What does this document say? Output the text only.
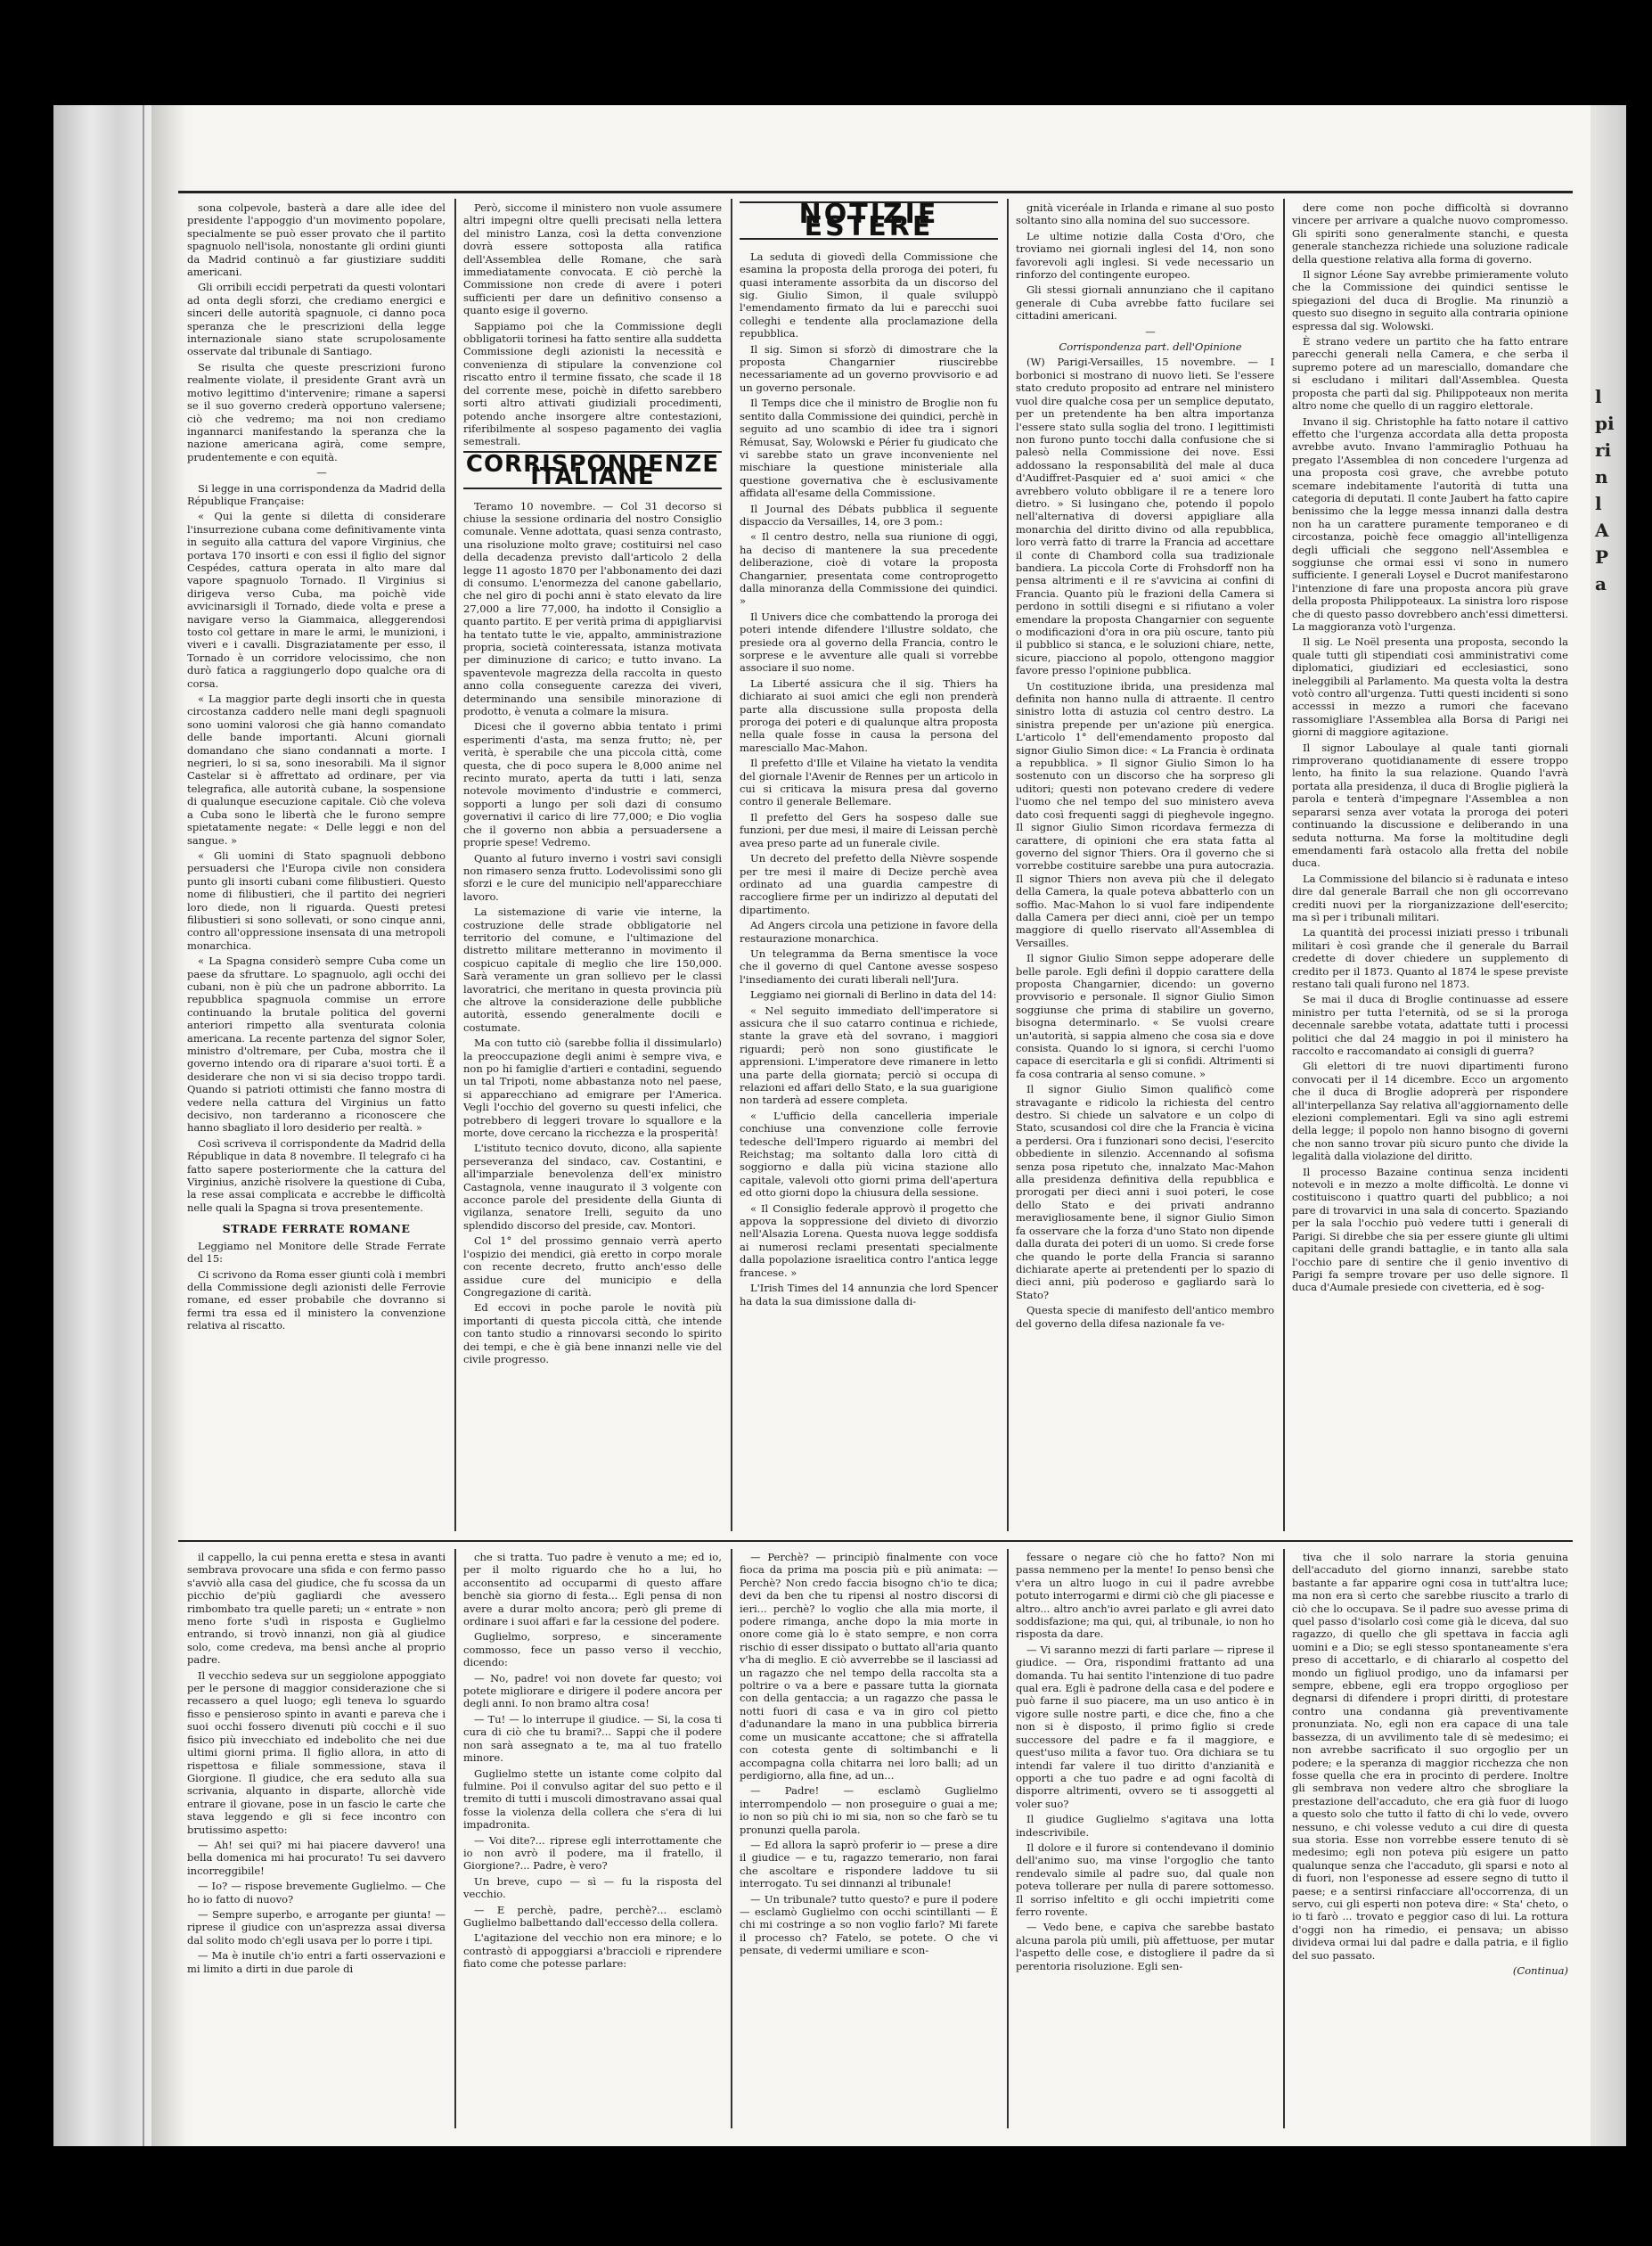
l
pi
ri
n
l
A
P
a

sona colpevole, basterà a dare alle idee del presidente l'appoggio d'un movimento popolare, specialmente se può esser provato che il partito spagnuolo nell'isola, nonostante gli ordini giunti da Madrid continuò a far giustiziare sudditi americani.

Gli orribili eccidi perpetrati da questi volontari ad onta degli sforzi, che crediamo energici e sinceri delle autorità spagnuole, ci danno poca speranza che le prescrizioni della legge internazionale siano state scrupolosamente osservate dal tribunale di Santiago.

Se risulta che queste prescrizioni furono realmente violate, il presidente Grant avrà un motivo legittimo d'intervenire; rimane a sapersi se il suo governo crederà opportuno valersene; ciò che vedremo; ma noi non crediamo ingannarci manifestando la speranza che la nazione americana agirà, come sempre, prudentemente e con equità.

—

Si legge in una corrispondenza da Madrid della République Française:

« Qui la gente si diletta di considerare l'insurrezione cubana come definitivamente vinta in seguito alla cattura del vapore Virginius, che portava 170 insorti e con essi il figlio del signor Cespédes, cattura operata in alto mare dal vapore spagnuolo Tornado. Il Virginius si dirigeva verso Cuba, ma poichè vide avvicinarsigli il Tornado, diede volta e prese a navigare verso la Giammaica, alleggerendosi tosto col gettare in mare le armi, le munizioni, i viveri e i cavalli. Disgraziatamente per esso, il Tornado è un corridore velocissimo, che non durò fatica a raggiungerlo dopo qualche ora di corsa.

« La maggior parte degli insorti che in questa circostanza caddero nelle mani degli spagnuoli sono uomini valorosi che già hanno comandato delle bande importanti. Alcuni giornali domandano che siano condannati a morte. I negrieri, lo si sa, sono inesorabili. Ma il signor Castelar si è affrettato ad ordinare, per via telegrafica, alle autorità cubane, la sospensione di qualunque esecuzione capitale. Ciò che voleva a Cuba sono le libertà che le furono sempre spietatamente negate: « Delle leggi e non del sangue. »

« Gli uomini di Stato spagnuoli debbono persuadersi che l'Europa civile non considera punto gli insorti cubani come filibustieri. Questo nome di filibustieri, che il partito dei negrieri loro diede, non li riguarda. Questi pretesi filibustieri si sono sollevati, or sono cinque anni, contro all'oppressione insensata di una metropoli monarchica.

« La Spagna considerò sempre Cuba come un paese da sfruttare. Lo spagnuolo, agli occhi dei cubani, non è più che un padrone abborrito. La repubblica spagnuola commise un errore continuando la brutale politica del governi anteriori rimpetto alla sventurata colonia americana. La recente partenza del signor Soler, ministro d'oltremare, per Cuba, mostra che il governo intendo ora di riparare a'suoi torti. È a desiderare che non vi si sia deciso troppo tardi. Quando si patrioti ottimisti che fanno mostra di vedere nella cattura del Virginius un fatto decisivo, non tarderanno a riconoscere che hanno sbagliato il loro desiderio per realtà. »

Così scriveva il corrispondente da Madrid della République in data 8 novembre. Il telegrafo ci ha fatto sapere posteriormente che la cattura del Virginius, anzichè risolvere la questione di Cuba, la rese assai complicata e accrebbe le difficoltà nelle quali la Spagna si trova presentemente.

STRADE FERRATE ROMANE

Leggiamo nel Monitore delle Strade Ferrate del 15:

Ci scrivono da Roma esser giunti colà i membri della Commissione degli azionisti delle Ferrovie romane, ed esser probabile che dovranno si fermi tra essa ed il ministero la convenzione relativa al riscatto.

Però, siccome il ministero non vuole assumere altri impegni oltre quelli precisati nella lettera del ministro Lanza, così la detta convenzione dovrà essere sottoposta alla ratifica dell'Assemblea delle Romane, che sarà immediatamente convocata. E ciò perchè la Commissione non crede di avere i poteri sufficienti per dare un definitivo consenso a quanto esige il governo.

Sappiamo poi che la Commissione degli obbligatorii torinesi ha fatto sentire alla suddetta Commissione degli azionisti la necessità e convenienza di stipulare la convenzione col riscatto entro il termine fissato, che scade il 18 del corrente mese, poichè in difetto sarebbero sorti altro attivati giudiziali procedimenti, potendo anche insorgere altre contestazioni, riferibilmente al sospeso pagamento dei vaglia semestrali.

CORRISPONDENZE ITALIANE

Teramo 10 novembre. — Col 31 decorso si chiuse la sessione ordinaria del nostro Consiglio comunale. Venne adottata, quasi senza contrasto, una risoluzione molto grave; costituirsi nel caso della decadenza previsto dall'articolo 2 della legge 11 agosto 1870 per l'abbonamento dei dazi di consumo. L'enormezza del canone gabellario, che nel giro di pochi anni è stato elevato da lire 27,000 a lire 77,000, ha indotto il Consiglio a quanto partito. E per verità prima di appigliarvisi ha tentato tutte le vie, appalto, amministrazione propria, società cointeressata, istanza motivata per diminuzione di carico; e tutto invano. La spaventevole magrezza della raccolta in questo anno colla conseguente carezza dei viveri, determinando una sensibile minorazione di prodotto, è venuta a colmare la misura.

Dicesi che il governo abbia tentato i primi esperimenti d'asta, ma senza frutto; nè, per verità, è sperabile che una piccola città, come questa, che di poco supera le 8,000 anime nel recinto murato, aperta da tutti i lati, senza notevole movimento d'industrie e commerci, sopporti a lungo per soli dazi di consumo governativi il carico di lire 77,000; e Dio voglia che il governo non abbia a persuadersene a proprie spese! Vedremo.

Quanto al futuro inverno i vostri savi consigli non rimasero senza frutto. Lodevolissimi sono gli sforzi e le cure del municipio nell'apparecchiare lavoro.

La sistemazione di varie vie interne, la costruzione delle strade obbligatorie nel territorio del comune, e l'ultimazione del distretto militare metteranno in movimento il cospicuo capitale di meglio che lire 150,000. Sarà veramente un gran sollievo per le classi lavoratrici, che meritano in questa provincia più che altrove la considerazione delle pubbliche autorità, essendo generalmente docili e costumate.

Ma con tutto ciò (sarebbe follia il dissimularlo) la preoccupazione degli animi è sempre viva, e non po hi famiglie d'artieri e contadini, seguendo un tal Tripoti, nome abbastanza noto nel paese, si apparecchiano ad emigrare per l'America. Vegli l'occhio del governo su questi infelici, che potrebbero di leggeri trovare lo squallore e la morte, dove cercano la ricchezza e la prosperità!

L'istituto tecnico dovuto, dicono, alla sapiente perseveranza del sindaco, cav. Costantini, e all'imparziale benevolenza dell'ex ministro Castagnola, venne inaugurato il 3 volgente con acconce parole del presidente della Giunta di vigilanza, senatore Irelli, seguito da uno splendido discorso del preside, cav. Montori.

Col 1° del prossimo gennaio verrà aperto l'ospizio dei mendici, già eretto in corpo morale con recente decreto, frutto anch'esso delle assidue cure del municipio e della Congregazione di carità.

Ed eccovi in poche parole le novità più importanti di questa piccola città, che intende con tanto studio a rinnovarsi secondo lo spirito dei tempi, e che è già bene innanzi nelle vie del civile progresso.

NOTIZIE ESTERE

La seduta di giovedì della Commissione che esamina la proposta della proroga dei poteri, fu quasi interamente assorbita da un discorso del sig. Giulio Simon, il quale sviluppò l'emendamento firmato da lui e parecchi suoi colleghi e tendente alla proclamazione della repubblica.

Il sig. Simon si sforzò di dimostrare che la proposta Changarnier riuscirebbe necessariamente ad un governo provvisorio e ad un governo personale.

Il Temps dice che il ministro de Broglie non fu sentito dalla Commissione dei quindici, perchè in seguito ad uno scambio di idee tra i signori Rémusat, Say, Wolowski e Périer fu giudicato che vi sarebbe stato un grave inconveniente nel mischiare la questione ministeriale alla questione governativa che è esclusivamente affidata all'esame della Commissione.

Il Journal des Débats pubblica il seguente dispaccio da Versailles, 14, ore 3 pom.:

« Il centro destro, nella sua riunione di oggi, ha deciso di mantenere la sua precedente deliberazione, cioè di votare la proposta Changarnier, presentata come controprogetto dalla minoranza della Commissione dei quindici. »

Il Univers dice che combattendo la proroga dei poteri intende difendere l'illustre soldato, che presiede ora al governo della Francia, contro le sorprese e le avventure alle quali si vorrebbe associare il suo nome.

La Liberté assicura che il sig. Thiers ha dichiarato ai suoi amici che egli non prenderà parte alla discussione sulla proposta della proroga dei poteri e di qualunque altra proposta nella quale fosse in causa la persona del maresciallo Mac-Mahon.

Il prefetto d'Ille et Vilaine ha vietato la vendita del giornale l'Avenir de Rennes per un articolo in cui si criticava la misura presa dal governo contro il generale Bellemare.

Il prefetto del Gers ha sospeso dalle sue funzioni, per due mesi, il maire di Leissan perchè avea preso parte ad un funerale civile.

Un decreto del prefetto della Nièvre sospende per tre mesi il maire di Decize perchè avea ordinato ad una guardia campestre di raccogliere firme per un indirizzo al deputati del dipartimento.

Ad Angers circola una petizione in favore della restaurazione monarchica.

Un telegramma da Berna smentisce la voce che il governo di quel Cantone avesse sospeso l'insediamento dei curati liberali nell'Jura.

Leggiamo nei giornali di Berlino in data del 14:

« Nel seguito immediato dell'imperatore si assicura che il suo catarro continua e richiede, stante la grave età del sovrano, i maggiori riguardi; però non sono giustificate le apprensioni. L'imperatore deve rimanere in letto una parte della giornata; perciò si occupa di relazioni ed affari dello Stato, e la sua guarigione non tarderà ad essere completa.

« L'ufficio della cancelleria imperiale conchiuse una convenzione colle ferrovie tedesche dell'Impero riguardo ai membri del Reichstag; ma soltanto dalla loro città di soggiorno e dalla più vicina stazione allo capitale, valevoli otto giorni prima dell'apertura ed otto giorni dopo la chiusura della sessione.

« Il Consiglio federale approvò il progetto che appova la soppressione del divieto di divorzio nell'Alsazia Lorena. Questa nuova legge soddisfa ai numerosi reclami presentati specialmente dalla popolazione israelitica contro l'antica legge francese. »

L'Irish Times del 14 annunzia che lord Spencer ha data la sua dimissione dalla di-

gnità viceréale in Irlanda e rimane al suo posto soltanto sino alla nomina del suo successore.

Le ultime notizie dalla Costa d'Oro, che troviamo nei giornali inglesi del 14, non sono favorevoli agli inglesi. Si vede necessario un rinforzo del contingente europeo.

Gli stessi giornali annunziano che il capitano generale di Cuba avrebbe fatto fucilare sei cittadini americani.

—

Corrispondenza part. dell'Opinione

(W) Parigi-Versailles, 15 novembre. — I borbonici si mostrano di nuovo lieti. Se l'essere stato creduto proposito ad entrare nel ministero vuol dire qualche cosa per un semplice deputato, per un pretendente ha ben altra importanza l'essere stato sulla soglia del trono. I legittimisti non furono punto tocchi dalla confusione che si palesò nella Commissione dei nove. Essi addossano la responsabilità del male al duca d'Audiffret-Pasquier ed a' suoi amici « che avrebbero voluto obbligare il re a tenere loro dietro. » Si lusingano che, potendo il popolo nell'alternativa di doversi appigliare alla monarchia del diritto divino od alla repubblica, loro verrà fatto di trarre la Francia ad accettare il conte di Chambord colla sua tradizionale bandiera. La piccola Corte di Frohsdorff non ha pensa altrimenti e il re s'avvicina ai confini di Francia. Quanto più le frazioni della Camera si perdono in sottili disegni e si rifiutano a voler emendare la proposta Changarnier con seguente o modificazioni d'ora in ora più oscure, tanto più il pubblico si stanca, e le soluzioni chiare, nette, sicure, piacciono al popolo, ottengono maggior favore presso l'opinione pubblica.

Un costituzione ibrida, una presidenza mal definita non hanno nulla di attraente. Il centro sinistro lotta di astuzia col centro destro. La sinistra prepende per un'azione più energica. L'articolo 1° dell'emendamento proposto dal signor Giulio Simon dice: « La Francia è ordinata a repubblica. » Il signor Giulio Simon lo ha sostenuto con un discorso che ha sorpreso gli uditori; questi non potevano credere di vedere l'uomo che nel tempo del suo ministero aveva dato così frequenti saggi di pieghevole ingegno. Il signor Giulio Simon ricordava fermezza di carattere, di opinioni che era stata fatta al governo del signor Thiers. Ora il governo che si vorrebbe costituire sarebbe una pura autocrazia. Il signor Thiers non aveva più che il delegato della Camera, la quale poteva abbatterlo con un soffio. Mac-Mahon lo si vuol fare indipendente dalla Camera per dieci anni, cioè per un tempo maggiore di quello riservato all'Assemblea di Versailles.

Il signor Giulio Simon seppe adoperare delle belle parole. Egli definì il doppio carattere della proposta Changarnier, dicendo: un governo provvisorio e personale. Il signor Giulio Simon soggiunse che prima di stabilire un governo, bisogna determinarlo. « Se vuolsi creare un'autorità, si sappia almeno che cosa sia e dove consista. Quando lo si ignora, si cerchi l'uomo capace di esercitarla e gli si confidi. Altrimenti si fa cosa contraria al senso comune. »

Il signor Giulio Simon qualificò come stravagante e ridicolo la richiesta del centro destro. Si chiede un salvatore e un colpo di Stato, scusandosi col dire che la Francia è vicina a perdersi. Ora i funzionari sono decisi, l'esercito obbediente in silenzio. Accennando al sofisma senza posa ripetuto che, innalzato Mac-Mahon alla presidenza definitiva della repubblica e prorogati per dieci anni i suoi poteri, le cose dello Stato e dei privati andranno meravigliosamente bene, il signor Giulio Simon fa osservare che la forza d'uno Stato non dipende dalla durata dei poteri di un uomo. Si crede forse che quando le porte della Francia si saranno dichiarate aperte ai pretendenti per lo spazio di dieci anni, più poderoso e gagliardo sarà lo Stato?

Questa specie di manifesto dell'antico membro del governo della difesa nazionale fa ve-

dere come non poche difficoltà si dovranno vincere per arrivare a qualche nuovo compromesso. Gli spiriti sono generalmente stanchi, e questa generale stanchezza richiede una soluzione radicale della questione relativa alla forma di governo.

Il signor Léone Say avrebbe primieramente voluto che la Commissione dei quindici sentisse le spiegazioni del duca di Broglie. Ma rinunziò a questo suo disegno in seguito alla contraria opinione espressa dal sig. Wolowski.

È strano vedere un partito che ha fatto entrare parecchi generali nella Camera, e che serba il supremo potere ad un maresciallo, domandare che si escludano i militari dall'Assemblea. Questa proposta che partì dal sig. Philippoteaux non merita altro nome che quello di un raggiro elettorale.

Invano il sig. Christophle ha fatto notare il cattivo effetto che l'urgenza accordata alla detta proposta avrebbe avuto. Invano l'ammiraglio Pothuau ha pregato l'Assemblea di non concedere l'urgenza ad una proposta così grave, che avrebbe potuto scemare indebitamente l'autorità di tutta una categoria di deputati. Il conte Jaubert ha fatto capire benissimo che la legge messa innanzi dalla destra non ha un carattere puramente temporaneo e di circostanza, poichè fece omaggio all'intelligenza degli ufficiali che seggono nell'Assemblea e soggiunse che ormai essi vi sono in numero sufficiente. I generali Loysel e Ducrot manifestarono l'intenzione di fare una proposta ancora più grave della proposta Philippoteaux. La sinistra loro rispose che di questo passo dovrebbero anch'essi dimettersi. La maggioranza votò l'urgenza.

Il sig. Le Noël presenta una proposta, secondo la quale tutti gli stipendiati così amministrativi come diplomatici, giudiziari ed ecclesiastici, sono ineleggibili al Parlamento. Ma questa volta la destra votò contro all'urgenza. Tutti questi incidenti si sono accesssi in mezzo a rumori che facevano rassomigliare l'Assemblea alla Borsa di Parigi nei giorni di maggiore agitazione.

Il signor Laboulaye al quale tanti giornali rimproverano quotidianamente di essere troppo lento, ha finito la sua relazione. Quando l'avrà portata alla presidenza, il duca di Broglie piglierà la parola e tenterà d'impegnare l'Assemblea a non separarsi senza aver votata la proroga dei poteri continuando la discussione e deliberando in una seduta notturna. Ma forse la moltitudine degli emendamenti farà ostacolo alla fretta del nobile duca.

La Commissione del bilancio si è radunata e inteso dire dal generale Barrail che non gli occorrevano crediti nuovi per la riorganizzazione dell'esercito; ma sì per i tribunali militari.

La quantità dei processi iniziati presso i tribunali militari è così grande che il generale du Barrail credette di dover chiedere un supplemento di credito per il 1873. Quanto al 1874 le spese previste restano tali quali furono nel 1873.

Se mai il duca di Broglie continuasse ad essere ministro per tutta l'eternità, od se si la proroga decennale sarebbe votata, adattate tutti i processi politici che dal 24 maggio in poi il ministero ha raccolto e raccomandato ai consigli di guerra?

Gli elettori di tre nuovi dipartimenti furono convocati per il 14 dicembre. Ecco un argomento che il duca di Broglie adoprerà per rispondere all'interpellanza Say relativa all'aggiornamento delle elezioni complementari. Egli va sino agli estremi della legge; il popolo non hanno bisogno di governi che non sanno trovar più sicuro punto che divide la legalità dalla violazione del diritto.

Il processo Bazaine continua senza incidenti notevoli e in mezzo a molte difficoltà. Le donne vi costituiscono i quattro quarti del pubblico; a noi pare di trovarvici in una sala di concerto. Spaziando per la sala l'occhio può vedere tutti i generali di Parigi. Si direbbe che sia per essere giunte gli ultimi capitani delle grandi battaglie, e in tanto alla sala l'occhio pare di sentire che il genio inventivo di Parigi fa sempre trovare per uso delle signore. Il duca d'Aumale presiede con civetteria, ed è sog-

il cappello, la cui penna eretta e stesa in avanti sembrava provocare una sfida e con fermo passo s'avviò alla casa del giudice, che fu scossa da un picchio de'più gagliardi che avessero rimbombato tra quelle pareti; un « entrate » non meno forte s'udì in risposta e Guglielmo entrando, si trovò innanzi, non già al giudice solo, come credeva, ma bensì anche al proprio padre.

Il vecchio sedeva sur un seggiolone appoggiato per le persone di maggior considerazione che si recassero a quel luogo; egli teneva lo sguardo fisso e pensieroso spinto in avanti e pareva che i suoi occhi fossero divenuti più cocchi e il suo fisico più invecchiato ed indebolito che nei due ultimi giorni prima. Il figlio allora, in atto di rispettosa e filiale sommessione, stava il Giorgione. Il giudice, che era seduto alla sua scrivania, alquanto in disparte, allorchè vide entrare il giovane, pose in un fascio le carte che stava leggendo e gli si fece incontro con brutissimo aspetto:

— Ah! sei qui? mi hai piacere davvero! una bella domenica mi hai procurato! Tu sei davvero incorreggibile!

— Io? — rispose brevemente Guglielmo. — Che ho io fatto di nuovo?

— Sempre superbo, e arrogante per giunta! — riprese il giudice con un'asprezza assai diversa dal solito modo ch'egli usava per lo porre i tipi.

— Ma è inutile ch'io entri a farti osservazioni e mi limito a dirti in due parole di

che si tratta. Tuo padre è venuto a me; ed io, per il molto riguardo che ho a lui, ho acconsentito ad occuparmi di questo affare benchè sia giorno di festa... Egli pensa di non avere a durar molto ancora; però gli preme di ordinare i suoi affari e far la cessione del podere.

Guglielmo, sorpreso, e sinceramente commosso, fece un passo verso il vecchio, dicendo:

— No, padre! voi non dovete far questo; voi potete migliorare e dirigere il podere ancora per degli anni. Io non bramo altra cosa!

— Tu! — lo interrupe il giudice. — Si, la cosa ti cura di ciò che tu brami?... Sappi che il podere non sarà assegnato a te, ma al tuo fratello minore.

Guglielmo stette un istante come colpito dal fulmine. Poi il convulso agitar del suo petto e il tremito di tutti i muscoli dimostravano assai qual fosse la violenza della collera che s'era di lui impadronita.

— Voi dite?... riprese egli interrottamente che io non avrò il podere, ma il fratello, il Giorgione?... Padre, è vero?

Un breve, cupo — sì — fu la risposta del vecchio.

— E perchè, padre, perchè?... esclamò Guglielmo balbettando dall'eccesso della collera.

L'agitazione del vecchio non era minore; e lo contrastò di appoggiarsi a'braccioli e riprendere fiato come che potesse parlare:

— Perchè? — principiò finalmente con voce fioca da prima ma poscia più e più animata: — Perchè? Non credo faccia bisogno ch'io te dica; devi da ben che tu ripensi al nostro discorsi di ieri... perchè? lo voglio che alla mia morte, il podere rimanga, anche dopo la mia morte in onore come già lo è stato sempre, e non corra rischio di esser dissipato o buttato all'aria quanto v'ha di meglio. E ciò avverrebbe se il lasciassi ad un ragazzo che nel tempo della raccolta sta a poltrire o va a bere e passare tutta la giornata con della gentaccia; a un ragazzo che passa le notti fuori di casa e va in giro col pietto d'adunandare la mano in una pubblica birreria come un musicante accattone; che si affratella con cotesta gente di soltimbanchi e li accompagna colla chitarra nei loro balli; ad un perdigiorno, alla fine, ad un...

— Padre! — esclamò Guglielmo interrompendolo — non proseguire o guai a me; io non so più chi io mi sia, non so che farò se tu pronunzi quella parola.

— Ed allora la saprò proferir io — prese a dire il giudice — e tu, ragazzo temerario, non farai che ascoltare e rispondere laddove tu sii interrogato. Tu sei dinnanzi al tribunale!

— Un tribunale? tutto questo? e pure il podere — esclamò Guglielmo con occhi scintillanti — È chi mi costringe a so non voglio farlo? Mi farete il processo ch? Fatelo, se potete. O che vi pensate, di vedermi umiliare e scon-

fessare o negare ciò che ho fatto? Non mi passa nemmeno per la mente! Io penso bensì che v'era un altro luogo in cui il padre avrebbe potuto interrogarmi e dirmi ciò che gli piacesse e altro... altro anch'io avrei parlato e gli avrei dato soddisfazione; ma qui, qui, al tribunale, io non ho risposta da dare.

— Vi saranno mezzi di farti parlare — riprese il giudice. — Ora, rispondimi frattanto ad una domanda. Tu hai sentito l'intenzione di tuo padre qual era. Egli è padrone della casa e del podere e può farne il suo piacere, ma un uso antico è in vigore sulle nostre parti, e dice che, fino a che non si è disposto, il primo figlio si crede successore del padre e fa il maggiore, e quest'uso milita a favor tuo. Ora dichiara se tu intendi far valere il tuo diritto d'anzianità e opporti a che tuo padre e ad ogni facoltà di disporre altrimenti, ovvero se ti assoggetti al voler suo?

Il giudice Guglielmo s'agitava una lotta indescrivibile.

Il dolore e il furore si contendevano il dominio dell'animo suo, ma vinse l'orgoglio che tanto rendevalo simile al padre suo, dal quale non poteva tollerare per nulla di parere sottomesso. Il sorriso infeltito e gli occhi impietriti come ferro rovente.

— Vedo bene, e capiva che sarebbe bastato alcuna parola più umili, più affettuose, per mutar l'aspetto delle cose, e distogliere il padre da sì perentoria risoluzione. Egli sen-

tiva che il solo narrare la storia genuina dell'accaduto del giorno innanzi, sarebbe stato bastante a far apparire ogni cosa in tutt'altra luce; ma non era sì certo che sarebbe riuscito a trarlo di ciò che lo occupava. Se il padre suo avesse prima di quel passo d'isolarlo così come già le diceva, dal suo ragazzo, di quello che gli spettava in faccia agli uomini e a Dio; se egli stesso spontaneamente s'era preso di accettarlo, e di chiararlo al cospetto del mondo un figliuol prodigo, uno da infamarsi per sempre, ebbene, egli era troppo orgoglioso per degnarsi di difendere i propri diritti, di protestare contro una condanna già preventivamente pronunziata. No, egli non era capace di una tale bassezza, di un avvilimento tale di sè medesimo; ei non avrebbe sacrificato il suo orgoglio per un podere; e la speranza di maggior ricchezza che non fosse quella che era in procinto di perdere. Inoltre gli sembrava non vedere altro che sbrogliare la prestazione dell'accaduto, che era già fuor di luogo a questo solo che tutto il fatto di chi lo vede, ovvero nessuno, e chi volesse veduto a cui dire di questa sua storia. Esse non vorrebbe essere tenuto di sè medesimo; egli non poteva più esigere un patto qualunque senza che l'accaduto, gli sparsi e noto al di fuori, non l'esponesse ad essere segno di tutto il paese; e a sentirsi rinfacciare all'occorrenza, di un servo, cui gli esperti non poteva dire: « Sta' cheto, o io ti farò ... trovato e peggior caso di lui. La rottura d'oggi non ha rimedio, ei pensava; un abisso divideva ormai lui dal padre e dalla patria, e il figlio del suo passato.

(Continua)
